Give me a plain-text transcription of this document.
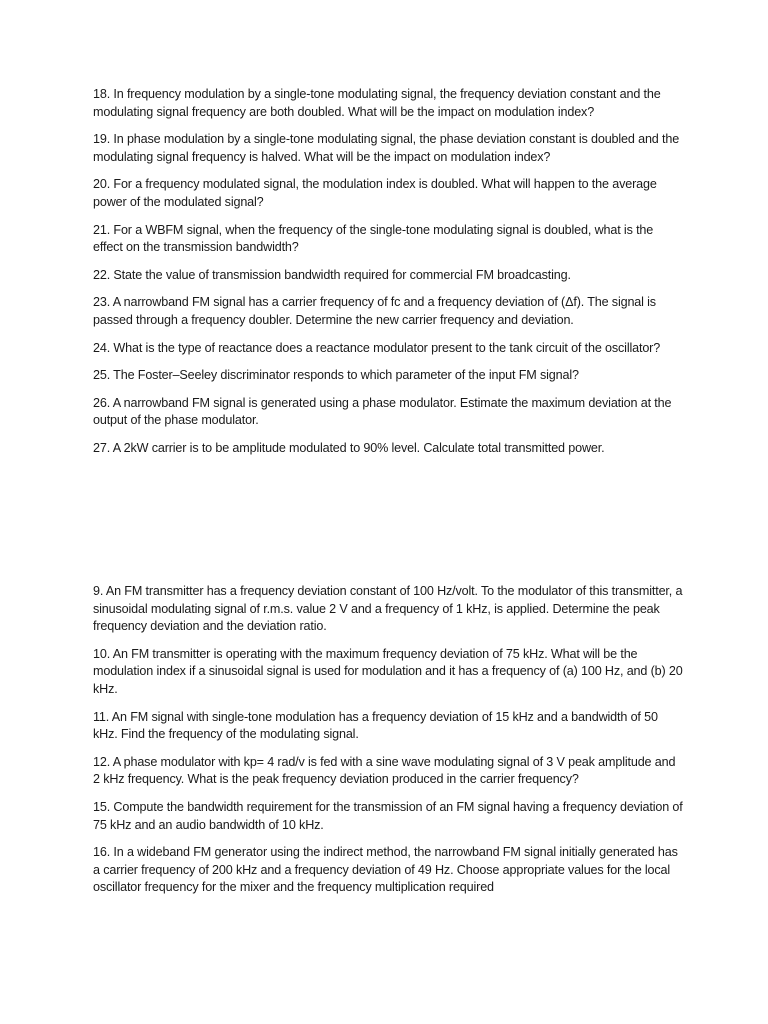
18. In frequency modulation by a single-tone modulating signal, the frequency deviation constant and the modulating signal frequency are both doubled. What will be the impact on modulation index?

19. In phase modulation by a single-tone modulating signal, the phase deviation constant is doubled and the modulating signal frequency is halved. What will be the impact on modulation index?

20. For a frequency modulated signal, the modulation index is doubled. What will happen to the average power of the modulated signal?

21. For a WBFM signal, when the frequency of the single-tone modulating signal is doubled, what is the effect on the transmission bandwidth?

22. State the value of transmission bandwidth required for commercial FM broadcasting.

23. A narrowband FM signal has a carrier frequency of fc and a frequency deviation of (Δf). The signal is passed through a frequency doubler. Determine the new carrier frequency and deviation.

24. What is the type of reactance does a reactance modulator present to the tank circuit of the oscillator?

25. The Foster–Seeley discriminator responds to which parameter of the input FM signal?

26. A narrowband FM signal is generated using a phase modulator. Estimate the maximum deviation at the output of the phase modulator.

27. A 2kW carrier is to be amplitude modulated to 90% level. Calculate total transmitted power.

9. An FM transmitter has a frequency deviation constant of 100 Hz/volt. To the modulator of this transmitter, a sinusoidal modulating signal of r.m.s. value 2 V and a frequency of 1 kHz, is applied. Determine the peak frequency deviation and the deviation ratio.

10. An FM transmitter is operating with the maximum frequency deviation of 75 kHz. What will be the modulation index if a sinusoidal signal is used for modulation and it has a frequency of (a) 100 Hz, and (b) 20 kHz.

11. An FM signal with single-tone modulation has a frequency deviation of 15 kHz and a bandwidth of 50 kHz. Find the frequency of the modulating signal.

12. A phase modulator with kp= 4 rad/v is fed with a sine wave modulating signal of 3 V peak amplitude and 2 kHz frequency. What is the peak frequency deviation produced in the carrier frequency?

15. Compute the bandwidth requirement for the transmission of an FM signal having a frequency deviation of 75 kHz and an audio bandwidth of 10 kHz.

16. In a wideband FM generator using the indirect method, the narrowband FM signal initially generated has a carrier frequency of 200 kHz and a frequency deviation of 49 Hz. Choose appropriate values for the local oscillator frequency for the mixer and the frequency multiplication required
